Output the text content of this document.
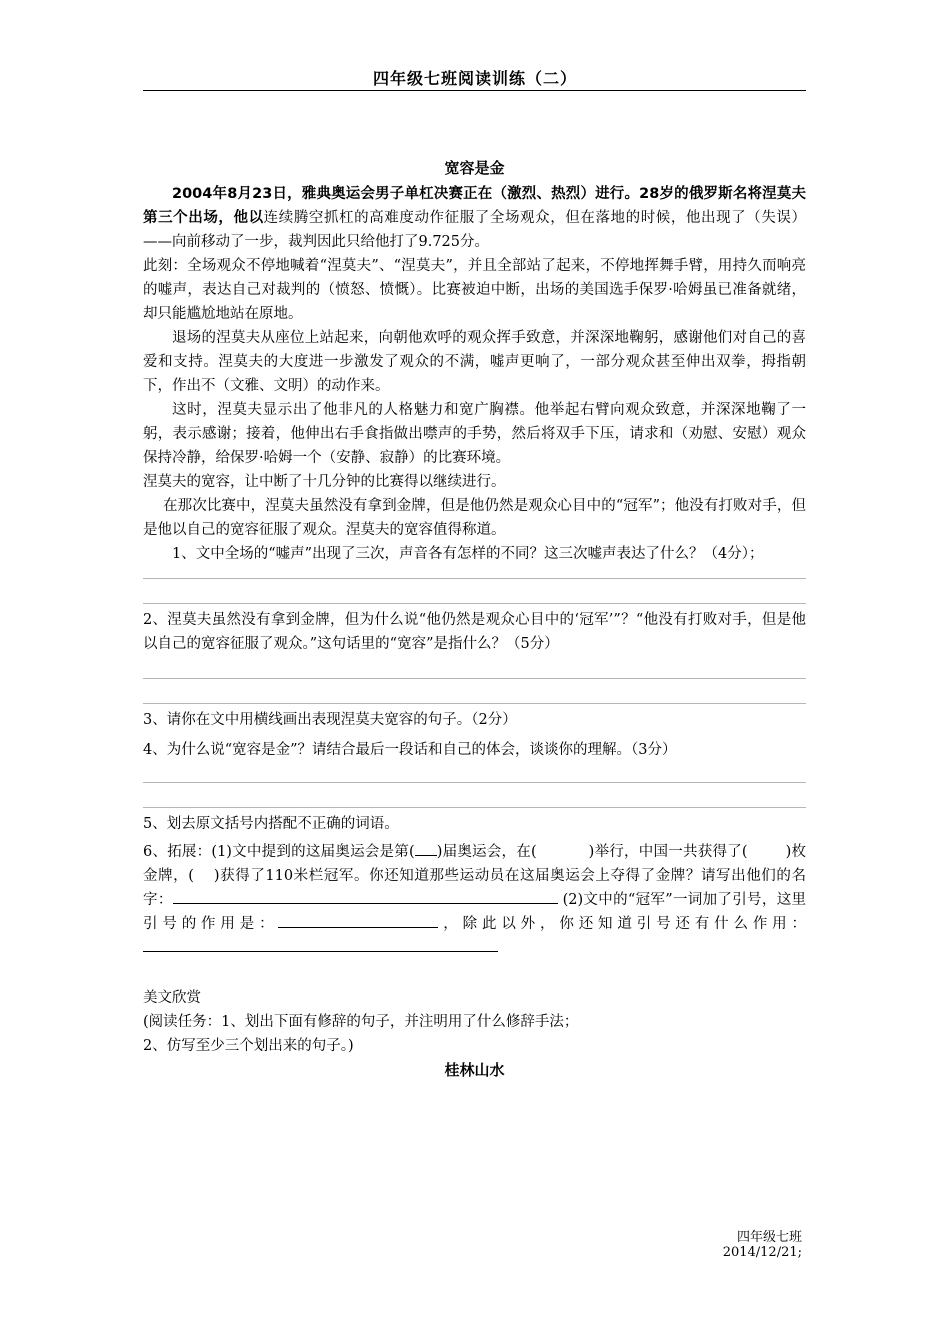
四年级七班阅读训练（二）
宽容是金

2004年8月23日，雅典奥运会男子单杠决赛正在（激烈、热烈）进行。28岁的俄罗斯名将涅莫夫第三个出场，他以连续腾空抓杠的高难度动作征服了全场观众，但在落地的时候，他出现了（失误）——向前移动了一步，裁判因此只给他打了9.725分。

此刻：全场观众不停地喊着“涅莫夫”、“涅莫夫”，并且全部站了起来，不停地挥舞手臂，用持久而响亮的嘘声，表达自己对裁判的（愤怒、愤慨）。比赛被迫中断，出场的美国选手保罗·哈姆虽已准备就绪，却只能尴尬地站在原地。

退场的涅莫夫从座位上站起来，向朝他欢呼的观众挥手致意，并深深地鞠躬，感谢他们对自己的喜爱和支持。涅莫夫的大度进一步激发了观众的不满，嘘声更响了，一部分观众甚至伸出双拳，拇指朝下，作出不（文雅、文明）的动作来。

这时，涅莫夫显示出了他非凡的人格魅力和宽广胸襟。他举起右臂向观众致意，并深深地鞠了一躬，表示感谢；接着，他伸出右手食指做出噤声的手势，然后将双手下压，请求和（劝慰、安慰）观众保持冷静，给保罗·哈姆一个（安静、寂静）的比赛环境。

涅莫夫的宽容，让中断了十几分钟的比赛得以继续进行。

在那次比赛中，涅莫夫虽然没有拿到金牌，但是他仍然是观众心目中的“冠军”；他没有打败对手，但是他以自己的宽容征服了观众。涅莫夫的宽容值得称道。

1、文中全场的“嘘声”出现了三次，声音各有怎样的不同？这三次嘘声表达了什么？（4分）；

2、涅莫夫虽然没有拿到金牌，但为什么说“他仍然是观众心目中的‘冠军’”？“他没有打败对手，但是他以自己的宽容征服了观众。”这句话里的“宽容”是指什么？（5分）

3、请你在文中用横线画出表现涅莫夫宽容的句子。（2分）

4、为什么说“宽容是金”？请结合最后一段话和自己的体会，谈谈你的理解。（3分）

5、划去原文括号内搭配不正确的词语。

6、拓展：(1)文中提到的这届奥运会是第( )届奥运会，在(	)举行，中国一共获得了(	)枚金牌，( )获得了110米栏冠军。你还知道那些运动员在这届奥运会上夺得了金牌？请写出他们的名字：	(2)文中的“冠军”一词加了引号，这里引号的作用是：	，除此以外，你还知道引号还有什么作用：

美文欣赏

(阅读任务：1、划出下面有修辞的句子，并注明用了什么修辞手法；

2、仿写至少三个划出来的句子。)

桂林山水
四年级七班
2014/12/21;
